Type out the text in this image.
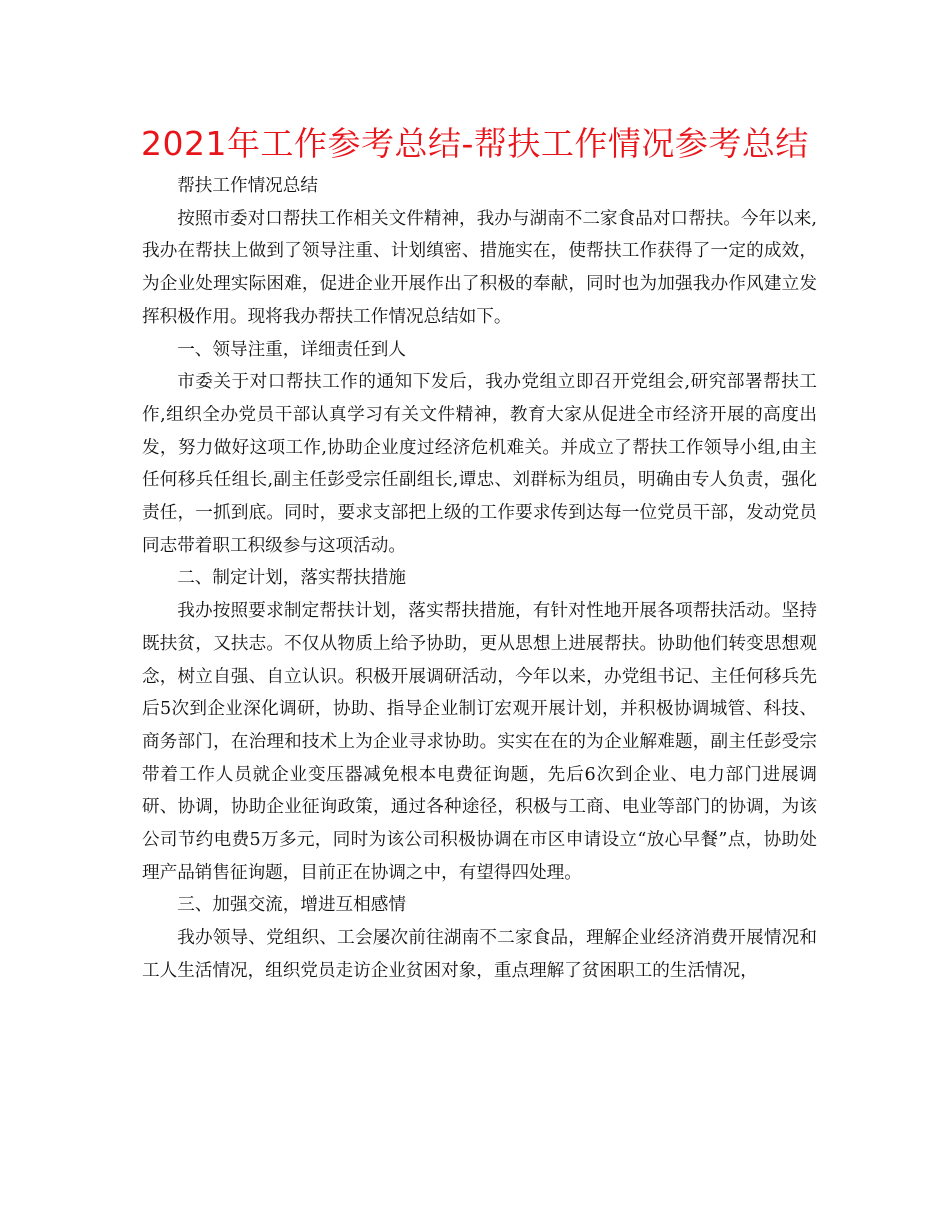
2021年工作参考总结-帮扶工作情况参考总结

帮扶工作情况总结

按照市委对口帮扶工作相关文件精神，我办与湖南不二家食品对口帮扶。今年以来,我办在帮扶上做到了领导注重、计划缜密、措施实在，使帮扶工作获得了一定的成效，为企业处理实际困难，促进企业开展作出了积极的奉献，同时也为加强我办作风建立发挥积极作用。现将我办帮扶工作情况总结如下。

一、领导注重，详细责任到人

市委关于对口帮扶工作的通知下发后，我办党组立即召开党组会,研究部署帮扶工作,组织全办党员干部认真学习有关文件精神，教育大家从促进全市经济开展的高度出发，努力做好这项工作,协助企业度过经济危机难关。并成立了帮扶工作领导小组,由主任何移兵任组长,副主任彭受宗任副组长,谭忠、刘群标为组员，明确由专人负责，强化责任，一抓到底。同时，要求支部把上级的工作要求传到达每一位党员干部，发动党员同志带着职工积级参与这项活动。

二、制定计划，落实帮扶措施

我办按照要求制定帮扶计划，落实帮扶措施，有针对性地开展各项帮扶活动。坚持既扶贫，又扶志。不仅从物质上给予协助，更从思想上进展帮扶。协助他们转变思想观念，树立自强、自立认识。积极开展调研活动，今年以来，办党组书记、主任何移兵先后5次到企业深化调研，协助、指导企业制订宏观开展计划，并积极协调城管、科技、商务部门，在治理和技术上为企业寻求协助。实实在在的为企业解难题，副主任彭受宗带着工作人员就企业变压器减免根本电费征询题，先后6次到企业、电力部门进展调研、协调，协助企业征询政策，通过各种途径，积极与工商、电业等部门的协调，为该公司节约电费5万多元，同时为该公司积极协调在市区申请设立“放心早餐”点，协助处理产品销售征询题，目前正在协调之中，有望得四处理。

三、加强交流，增进互相感情

我办领导、党组织、工会屡次前往湖南不二家食品，理解企业经济消费开展情况和工人生活情况，组织党员走访企业贫困对象，重点理解了贫困职工的生活情况，
